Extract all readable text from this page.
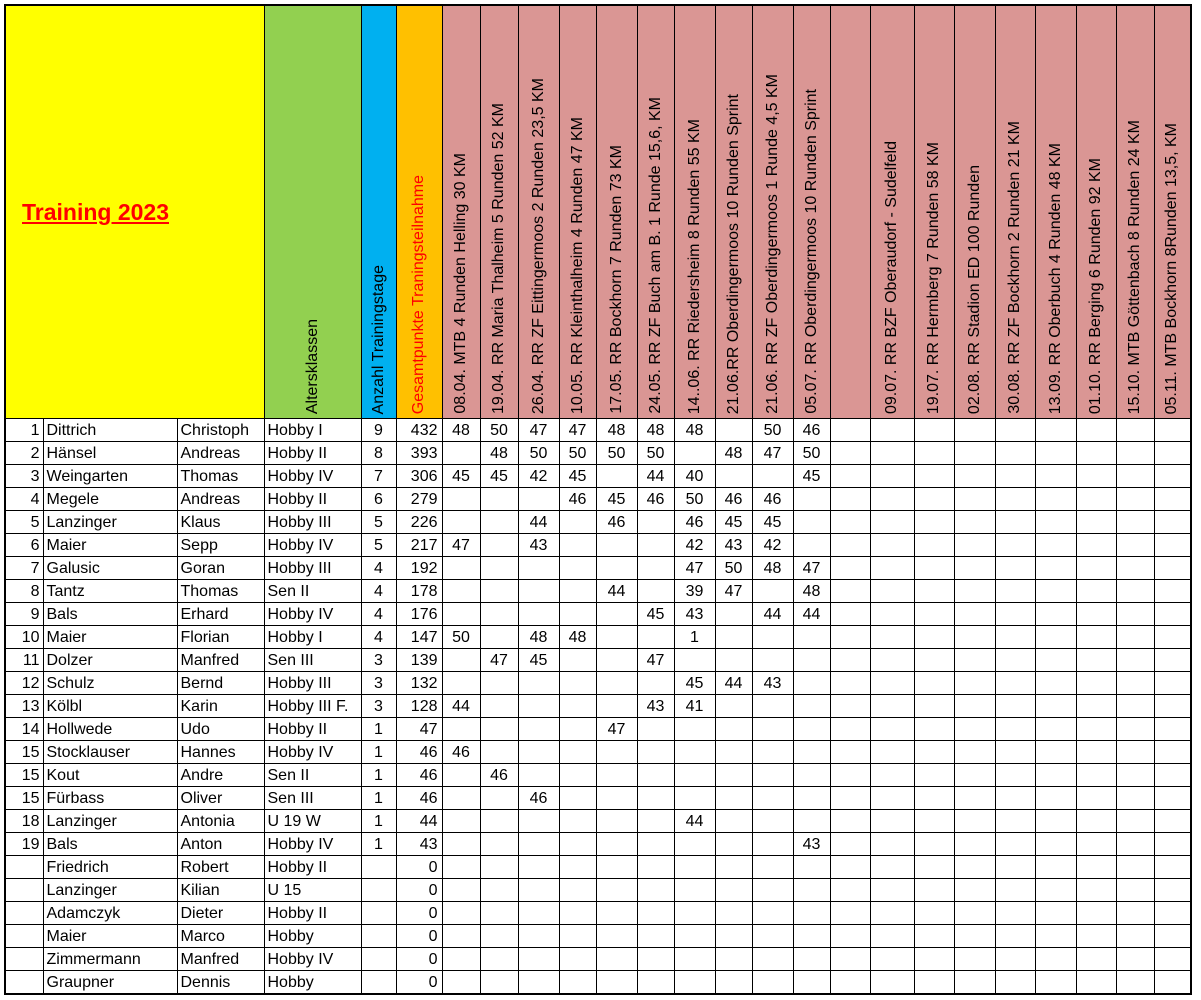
Training 2023			Altersklassen	Anzahl Trainingstage	Gesamtpunkte Traningsteilnahme	08.04. MTB 4 Runden Helling 30 KM	19.04. RR Maria Thalheim 5 Runden 52 KM	26.04. RR ZF Eittingermoos 2 Runden 23,5 KM	10.05. RR Kleinthalheim 4 Runden 47 KM	17.05. RR Bockhorn 7 Runden 73 KM	24.05. RR ZF Buch am B. 1 Runde 15,6, KM	14..06. RR Riedersheim 8 Runden 55 KM	21.06.RR Oberdingermoos 10 Runden Sprint	21.06. RR ZF Oberdingermoos 1 Runde 4,5 KM	05.07. RR Oberdingermoos 10 Runden Sprint		09.07. RR BZF Oberaudorf - Sudelfeld	19.07. RR Hermberg 7 Runden 58 KM	02.08. RR Stadion ED 100 Runden	30.08. RR ZF Bockhorn 2 Runden 21 KM	13.09. RR Oberbuch 4 Runden 48 KM	01.10. RR Berging 6 Runden 92 KM	15.10. MTB Göttenbach 8 Runden 24 KM	05.11. MTB Bockhorn 8Runden 13,5, KM

1	Dittrich	Christoph	Hobby I	9	432	48	50	47	47	48	48	48		50	46									
2	Hänsel	Andreas	Hobby II	8	393		48	50	50	50	50		48	47	50									
3	Weingarten	Thomas	Hobby IV	7	306	45	45	42	45		44	40			45									
4	Megele	Andreas	Hobby II	6	279				46	45	46	50	46	46										
5	Lanzinger	Klaus	Hobby III	5	226			44		46		46	45	45										
6	Maier	Sepp	Hobby IV	5	217	47		43				42	43	42										
7	Galusic	Goran	Hobby III	4	192							47	50	48	47									
8	Tantz	Thomas	Sen II	4	178					44		39	47		48									
9	Bals	Erhard	Hobby IV	4	176						45	43		44	44									
10	Maier	Florian	Hobby I	4	147	50		48	48			1												
11	Dolzer	Manfred	Sen III	3	139		47	45			47													
12	Schulz	Bernd	Hobby III	3	132							45	44	43										
13	Kölbl	Karin	Hobby III F.	3	128	44					43	41												
14	Hollwede	Udo	Hobby II	1	47					47														
15	Stocklauser	Hannes	Hobby IV	1	46	46																		
15	Kout	Andre	Sen II	1	46		46																	
15	Fürbass	Oliver	Sen III	1	46			46																
18	Lanzinger	Antonia	U 19 W	1	44							44												
19	Bals	Anton	Hobby IV	1	43										43									
	Friedrich	Robert	Hobby II		0																			
	Lanzinger	Kilian	U 15		0																			
	Adamczyk	Dieter	Hobby II		0																			
	Maier	Marco	Hobby		0																			
	Zimmermann	Manfred	Hobby IV		0																			
	Graupner	Dennis	Hobby		0																			
